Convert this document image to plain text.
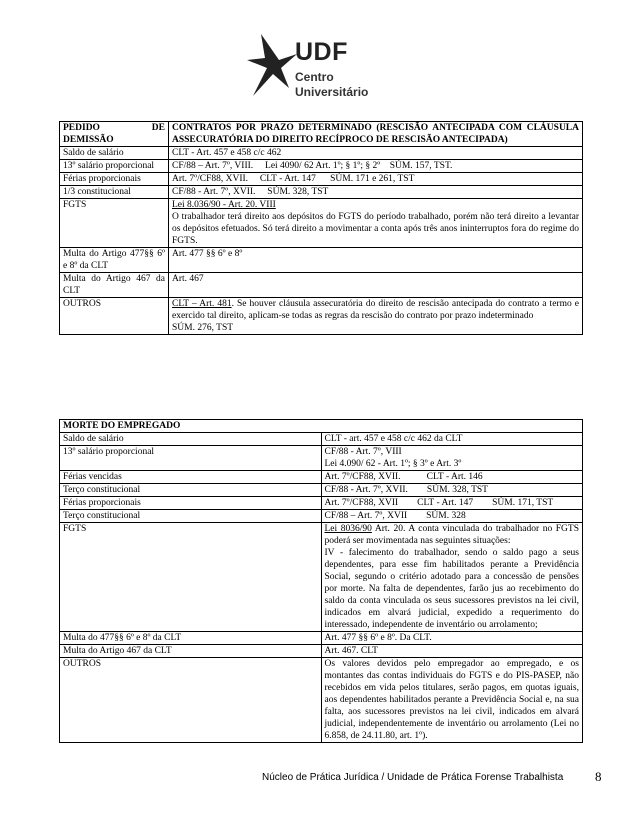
UDF
Centro
Universitário
PEDIDO DE DEMISSÃO	CONTRATOS POR PRAZO DETERMINADO (RESCISÃO ANTECIPADA COM CLÁUSULA ASSECURATÓRIA DO DIREITO RECÍPROCO DE RESCISÃO ANTECIPADA)
Saldo de salário	CLT - Art. 457 e 458 c/c 462
13º salário proporcional	CF/88 – Art. 7º, VIII.     Lei 4090/ 62 Art. 1º; § 1º; § 2º    SÚM. 157, TST.
Férias proporcionais	Art. 7º/CF88, XVII.     CLT - Art. 147      SÚM. 171 e 261, TST
1/3 constitucional	CF/88 - Art. 7º, XVII.     SÚM. 328, TST
FGTS	Lei 8.036/90 - Art. 20. VIII
O trabalhador terá direito aos depósitos do FGTS do período trabalhado, porém não terá direito a levantar os depósitos efetuados. Só terá direito a movimentar a conta após três anos ininterruptos fora do regime do FGTS.
Multa do Artigo 477§§ 6º e 8º da CLT	Art. 477 §§ 6º e 8º
Multa do Artigo 467 da CLT	Art. 467
OUTROS	CLT – Art. 481. Se houver cláusula assecuratória do direito de rescisão antecipada do contrato a termo e exercido tal direito, aplicam-se todas as regras da rescisão do contrato por prazo indeterminado
SÚM. 276, TST
MORTE DO EMPREGADO	
Saldo de salário	CLT - art. 457 e 458 c/c 462 da CLT
13º salário proporcional	CF/88 - Art. 7º, VIII
Lei 4.090/ 62 - Art. 1º; § 3º e Art. 3º
Férias vencidas	Art. 7º/CF88, XVII.           CLT - Art. 146
Terço constitucional	CF/88 - Art. 7º, XVII.        SÚM. 328, TST
Férias proporcionais	Art. 7º/CF88, XVII        CLT - Art. 147        SÚM. 171, TST
Terço constitucional	CF/88 – Art. 7º, XVII        SÚM. 328
FGTS	Lei 8036/90 Art. 20. A conta vinculada do trabalhador no FGTS poderá ser movimentada nas seguintes situações:
IV - falecimento do trabalhador, sendo o saldo pago a seus dependentes, para esse fim habilitados perante a Previdência Social, segundo o critério adotado para a concessão de pensões por morte. Na falta de dependentes, farão jus ao recebimento do saldo da conta vinculada os seus sucessores previstos na lei civil, indicados em alvará judicial, expedido a requerimento do interessado, independente de inventário ou arrolamento;
Multa do 477§§ 6º e 8º da CLT	Art. 477 §§ 6º e 8º. Da CLT.
Multa do Artigo 467 da CLT	Art. 467. CLT
OUTROS	Os valores devidos pelo empregador ao empregado, e os montantes das contas individuais do FGTS e do PIS-PASEP, não recebidos em vida pelos titulares, serão pagos, em quotas iguais, aos dependentes habilitados perante a Previdência Social e, na sua falta, aos sucessores previstos na lei civil, indicados em alvará judicial, independentemente de inventário ou arrolamento (Lei no 6.858, de 24.11.80, art. 1º).
Núcleo de Prática Jurídica / Unidade de Prática Forense Trabalhista 8
